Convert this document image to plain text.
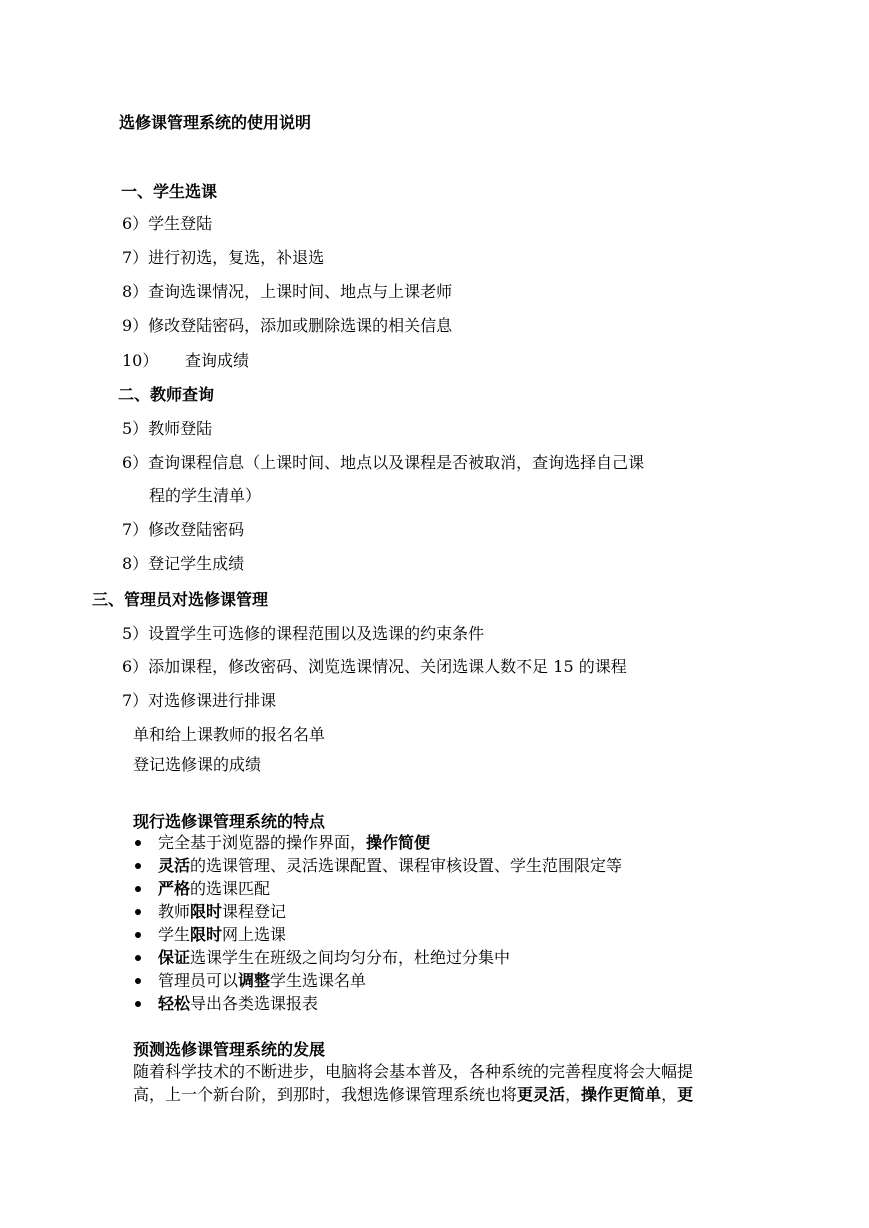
选修课管理系统的使用说明
一、学生选课
6）学生登陆
7）进行初选，复选，补退选
8）查询选课情况，上课时间、地点与上课老师
9）修改登陆密码，添加或删除选课的相关信息
10） 查询成绩
二、教师查询
5）教师登陆
6）查询课程信息（上课时间、地点以及课程是否被取消，查询选择自己课
程的学生清单）
7）修改登陆密码
8）登记学生成绩
三、管理员对选修课管理
5）设置学生可选修的课程范围以及选课的约束条件
6）添加课程，修改密码、浏览选课情况、关闭选课人数不足 15 的课程
7）对选修课进行排课
单和给上课教师的报名名单
登记选修课的成绩
现行选修课管理系统的特点
完全基于浏览器的操作界面，操作简便
灵活的选课管理、灵活选课配置、课程审核设置、学生范围限定等
严格的选课匹配
教师限时课程登记
学生限时网上选课
保证选课学生在班级之间均匀分布，杜绝过分集中
管理员可以调整学生选课名单
轻松导出各类选课报表
预测选修课管理系统的发展
随着科学技术的不断进步，电脑将会基本普及，各种系统的完善程度将会大幅提
高，上一个新台阶，到那时，我想选修课管理系统也将更灵活，操作更简单，更
